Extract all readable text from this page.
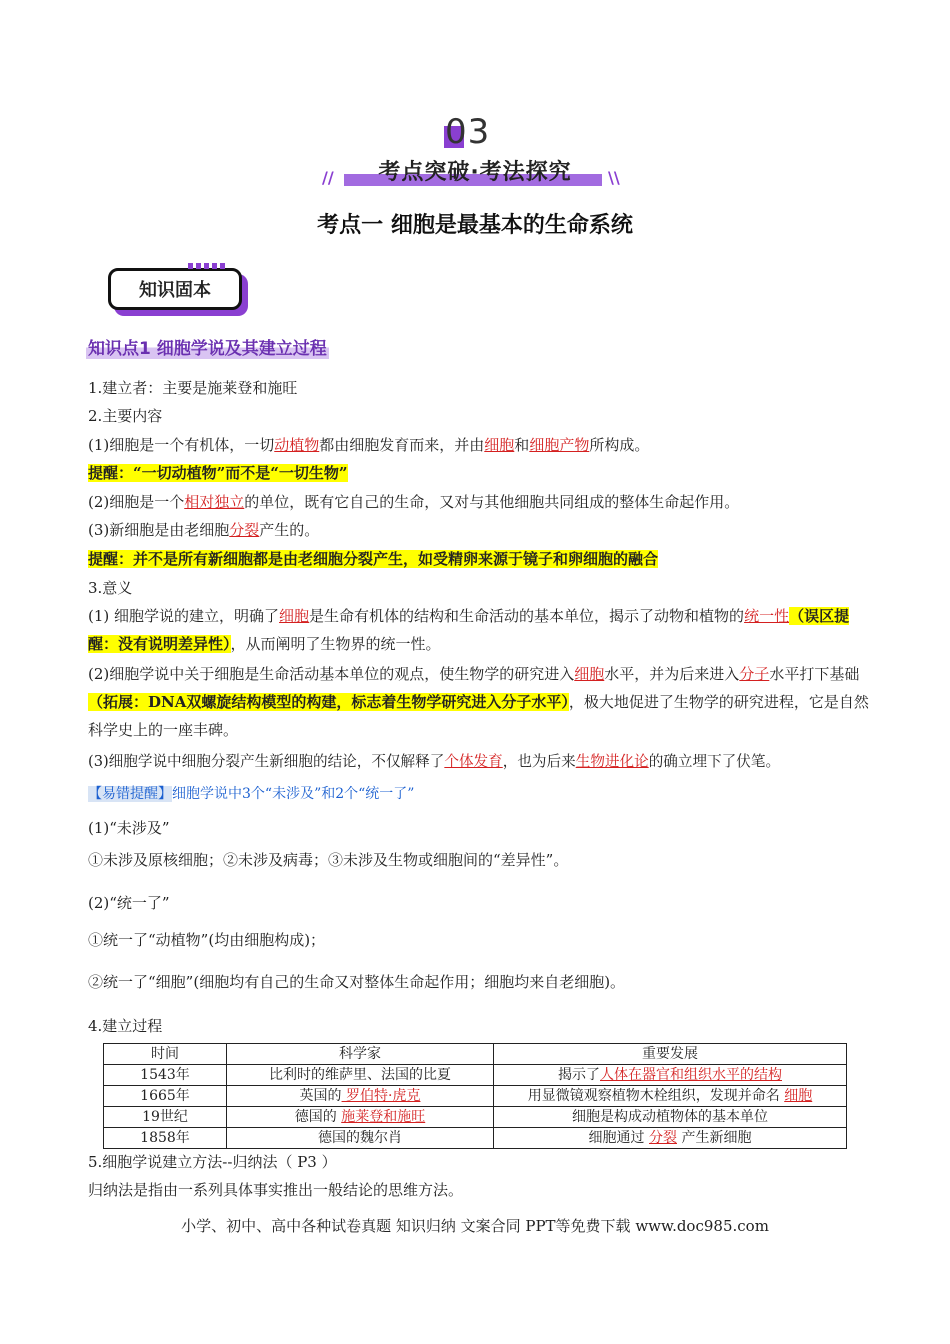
03
//	\\
考点突破·考法探究
考点一 细胞是最基本的生命系统
知识固本
知识点1 细胞学说及其建立过程
1.建立者：主要是施莱登和施旺
2.主要内容
(1)细胞是一个有机体，一切动植物都由细胞发育而来，并由细胞和细胞产物所构成。
提醒：“一切动植物”而不是“一切生物”
(2)细胞是一个相对独立的单位，既有它自己的生命，又对与其他细胞共同组成的整体生命起作用。
(3)新细胞是由老细胞分裂产生的。
提醒：并不是所有新细胞都是由老细胞分裂产生，如受精卵来源于镜子和卵细胞的融合
3.意义
(1) 细胞学说的建立，明确了细胞是生命有机体的结构和生命活动的基本单位，揭示了动物和植物的统一性（误区提醒：没有说明差异性），从而阐明了生物界的统一性。
(2)细胞学说中关于细胞是生命活动基本单位的观点，使生物学的研究进入细胞水平，并为后来进入分子水平打下基础（拓展：DNA双螺旋结构模型的构建，标志着生物学研究进入分子水平），极大地促进了生物学的研究进程，它是自然科学史上的一座丰碑。
(3)细胞学说中细胞分裂产生新细胞的结论，不仅解释了个体发育，也为后来生物进化论的确立埋下了伏笔。
【易错提醒】细胞学说中3个“未涉及”和2个“统一了”
(1)“未涉及”
①未涉及原核细胞；②未涉及病毒；③未涉及生物或细胞间的“差异性”。
(2)“统一了”
①统一了“动植物”(均由细胞构成)；
②统一了“细胞”(细胞均有自己的生命又对整体生命起作用；细胞均来自老细胞)。
4.建立过程
时间	科学家	重要发展
1543年	比利时的维萨里、法国的比夏	揭示了人体在器官和组织水平的结构
1665年	英国的 罗伯特·虎克	用显微镜观察植物木栓组织，发现并命名 细胞
19世纪	德国的 施莱登和施旺	细胞是构成动植物体的基本单位
1858年	德国的魏尔肖	细胞通过 分裂 产生新细胞
5.细胞学说建立方法--归纳法（ P3 ）
归纳法是指由一系列具体事实推出一般结论的思维方法。
小学、初中、高中各种试卷真题 知识归纳 文案合同 PPT等免费下载 www.doc985.com
